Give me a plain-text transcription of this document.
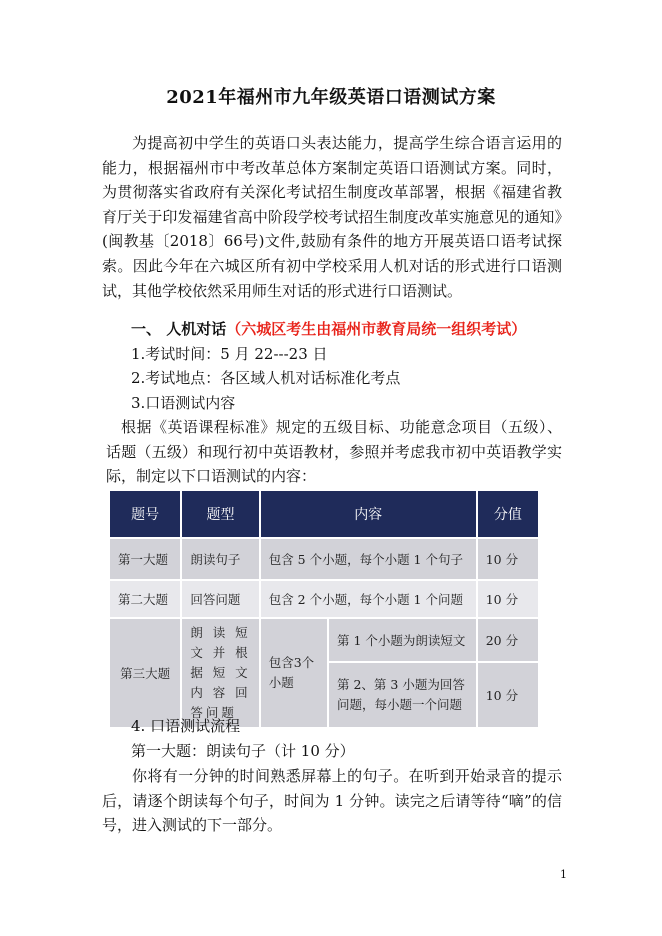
2021年福州市九年级英语口语测试方案
为提高初中学生的英语口头表达能力，提高学生综合语言运用的能力，根据福州市中考改革总体方案制定英语口语测试方案。同时，为贯彻落实省政府有关深化考试招生制度改革部署，根据《福建省教育厅关于印发福建省高中阶段学校考试招生制度改革实施意见的通知》(闽教基〔2018〕66号)文件,鼓励有条件的地方开展英语口语考试探索。因此今年在六城区所有初中学校采用人机对话的形式进行口语测试，其他学校依然采用师生对话的形式进行口语测试。
一、 人机对话（六城区考生由福州市教育局统一组织考试）
1.考试时间：5 月 22---23 日
2.考试地点：各区域人机对话标准化考点
3.口语测试内容
根据《英语课程标准》规定的五级目标、功能意念项目（五级）、话题（五级）和现行初中英语教材，参照并考虑我市初中英语教学实际，制定以下口语测试的内容：
题号	题型	内容		分值
第一大题	朗读句子	包含 5 个小题，每个小题 1 个句子		10 分
第二大题	回答问题	包含 2 个小题，每个小题 1 个问题		10 分
第三大题	朗读短文并根据短文内容回答问题	包含3个小题	第 1 个小题为朗读短文	20 分
			第 2、第 3 小题为回答问题，每小题一个问题	10 分
4. 口语测试流程
第一大题：朗读句子（计 10 分）
你将有一分钟的时间熟悉屏幕上的句子。在听到开始录音的提示后，请逐个朗读每个句子，时间为 1 分钟。读完之后请等待“嘀”的信号，进入测试的下一部分。
1
